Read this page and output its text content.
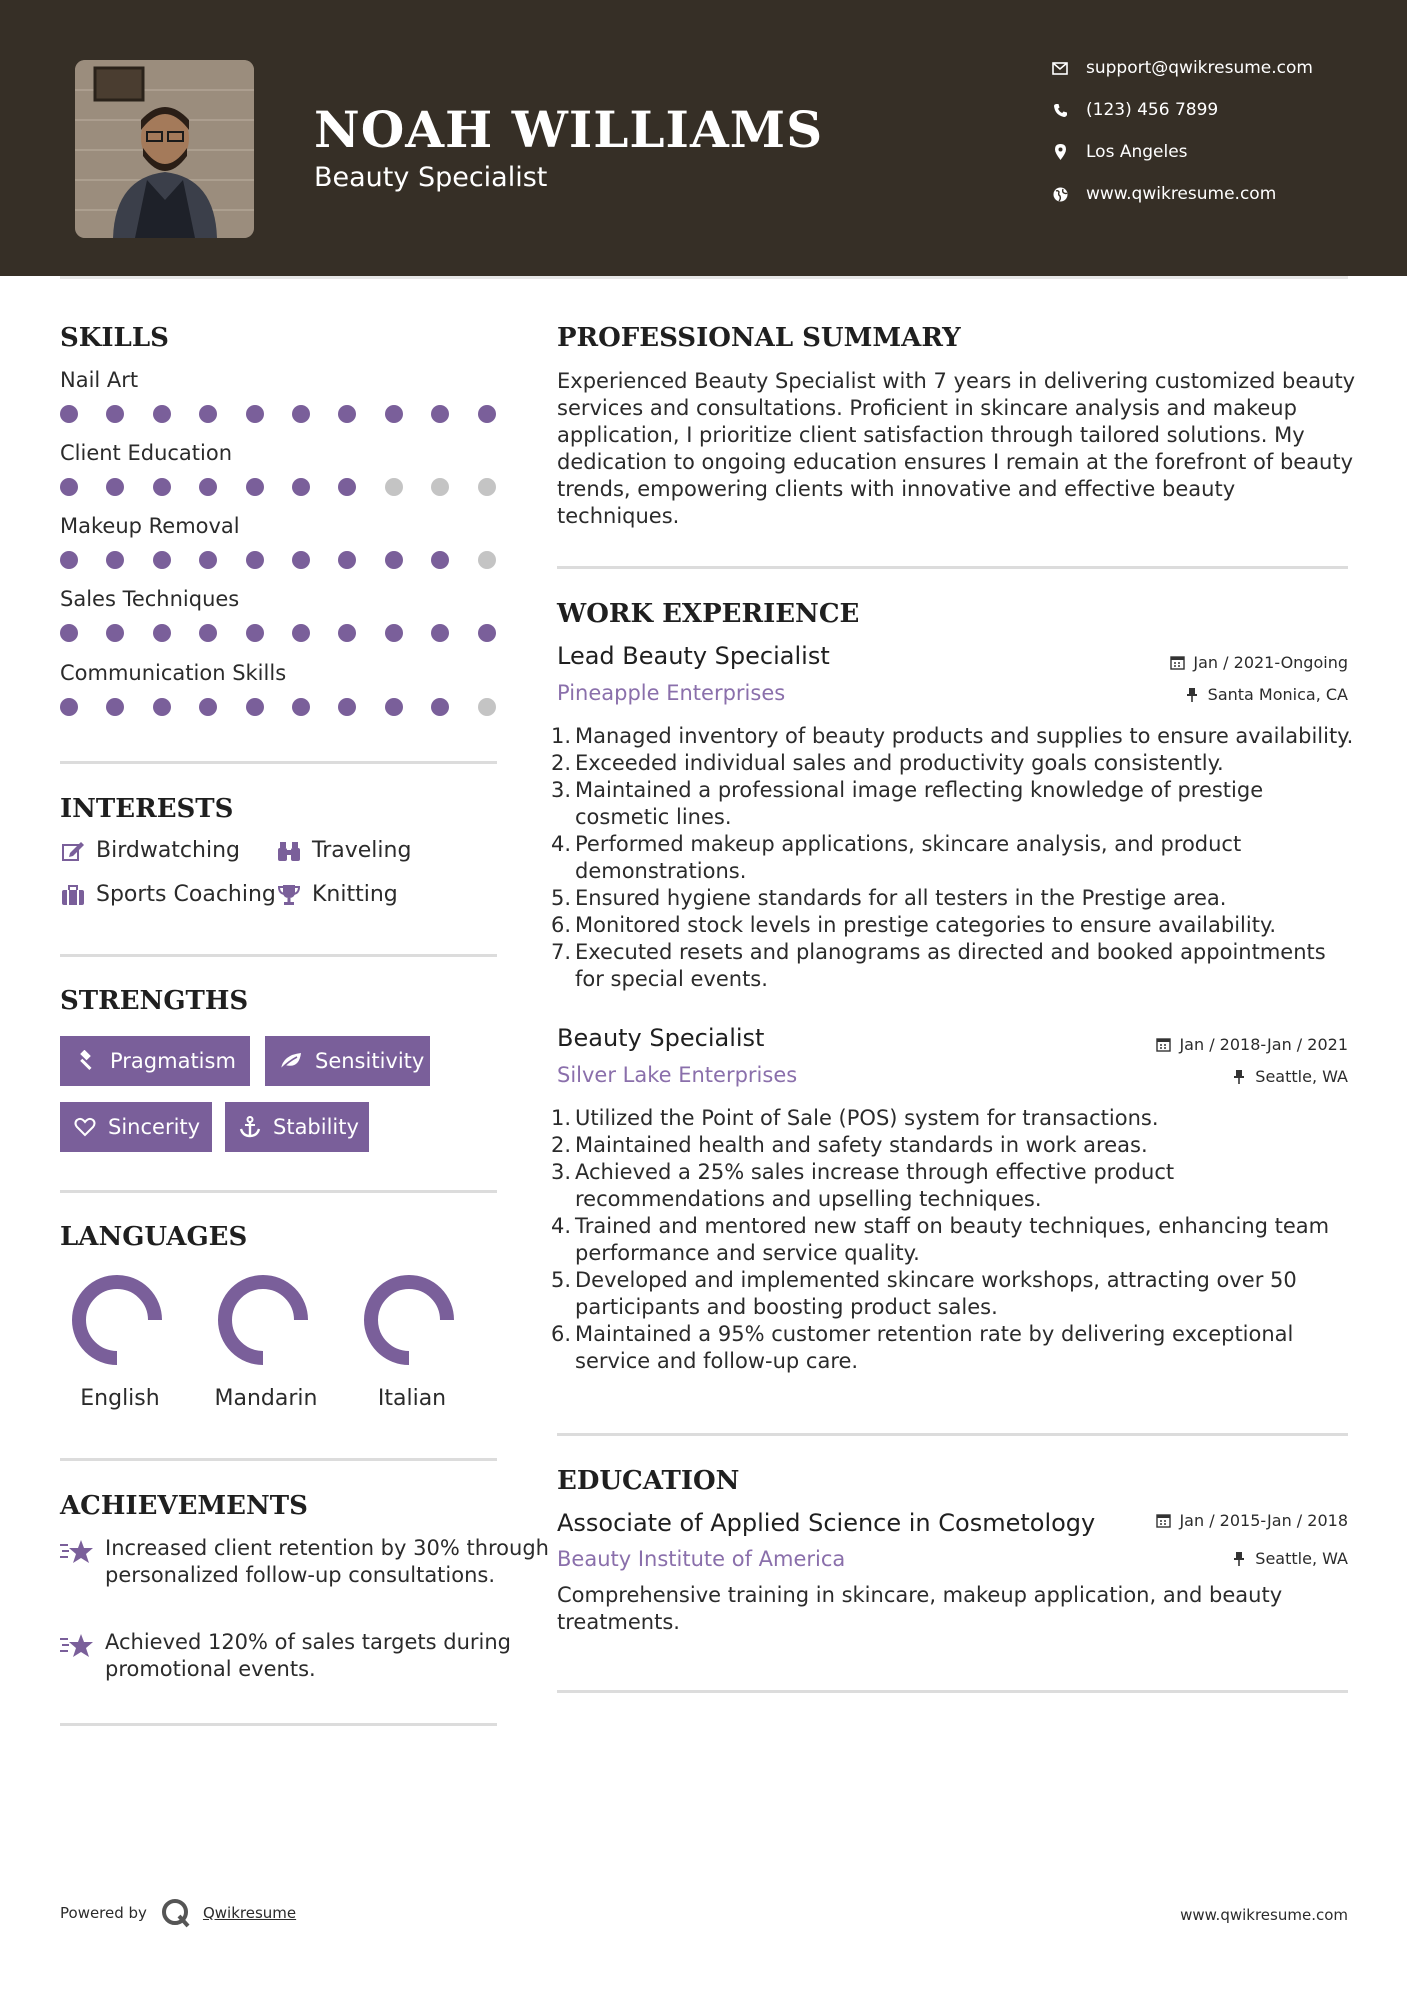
NOAH WILLIAMS
Beauty Specialist
support@qwikresume.com
(123) 456 7899
Los Angeles
www.qwikresume.com
SKILLS
Nail Art
Client Education
Makeup Removal
Sales Techniques
Communication Skills
INTERESTS
Birdwatching	Traveling
Sports Coaching Knitting
STRENGTHS
Pragmatism	Sensitivity
Sincerity	Stability
LANGUAGES
English	Mandarin	Italian
ACHIEVEMENTS
Increased client retention by 30% through personalized follow-up consultations.
Achieved 120% of sales targets during promotional events.
PROFESSIONAL SUMMARY

Experienced Beauty Specialist with 7 years in delivering customized beauty services and consultations. Proficient in skincare analysis and makeup application, I prioritize client satisfaction through tailored solutions. My dedication to ongoing education ensures I remain at the forefront of beauty trends, empowering clients with innovative and effective beauty techniques.

WORK EXPERIENCE
Lead Beauty Specialist	Jan / 2021-Ongoing
Pineapple Enterprises	Santa Monica, CA
1. Managed inventory of beauty products and supplies to ensure availability.
2. Exceeded individual sales and productivity goals consistently.
3. Maintained a professional image reflecting knowledge of prestige cosmetic lines.
4. Performed makeup applications, skincare analysis, and product demonstrations.
5. Ensured hygiene standards for all testers in the Prestige area.
6. Monitored stock levels in prestige categories to ensure availability.
7. Executed resets and planograms as directed and booked appointments for special events.
Beauty Specialist	Jan / 2018-Jan / 2021
Silver Lake Enterprises	Seattle, WA
1. Utilized the Point of Sale (POS) system for transactions.
2. Maintained health and safety standards in work areas.
3. Achieved a 25% sales increase through effective product recommendations and upselling techniques.
4. Trained and mentored new staff on beauty techniques, enhancing team performance and service quality.
5. Developed and implemented skincare workshops, attracting over 50 participants and boosting product sales.
6. Maintained a 95% customer retention rate by delivering exceptional service and follow-up care.
EDUCATION
Associate of Applied Science in Cosmetology	Jan / 2015-Jan / 2018
Beauty Institute of America	Seattle, WA

Comprehensive training in skincare, makeup application, and beauty treatments.

Powered by	Qwikresume	www.qwikresume.com
